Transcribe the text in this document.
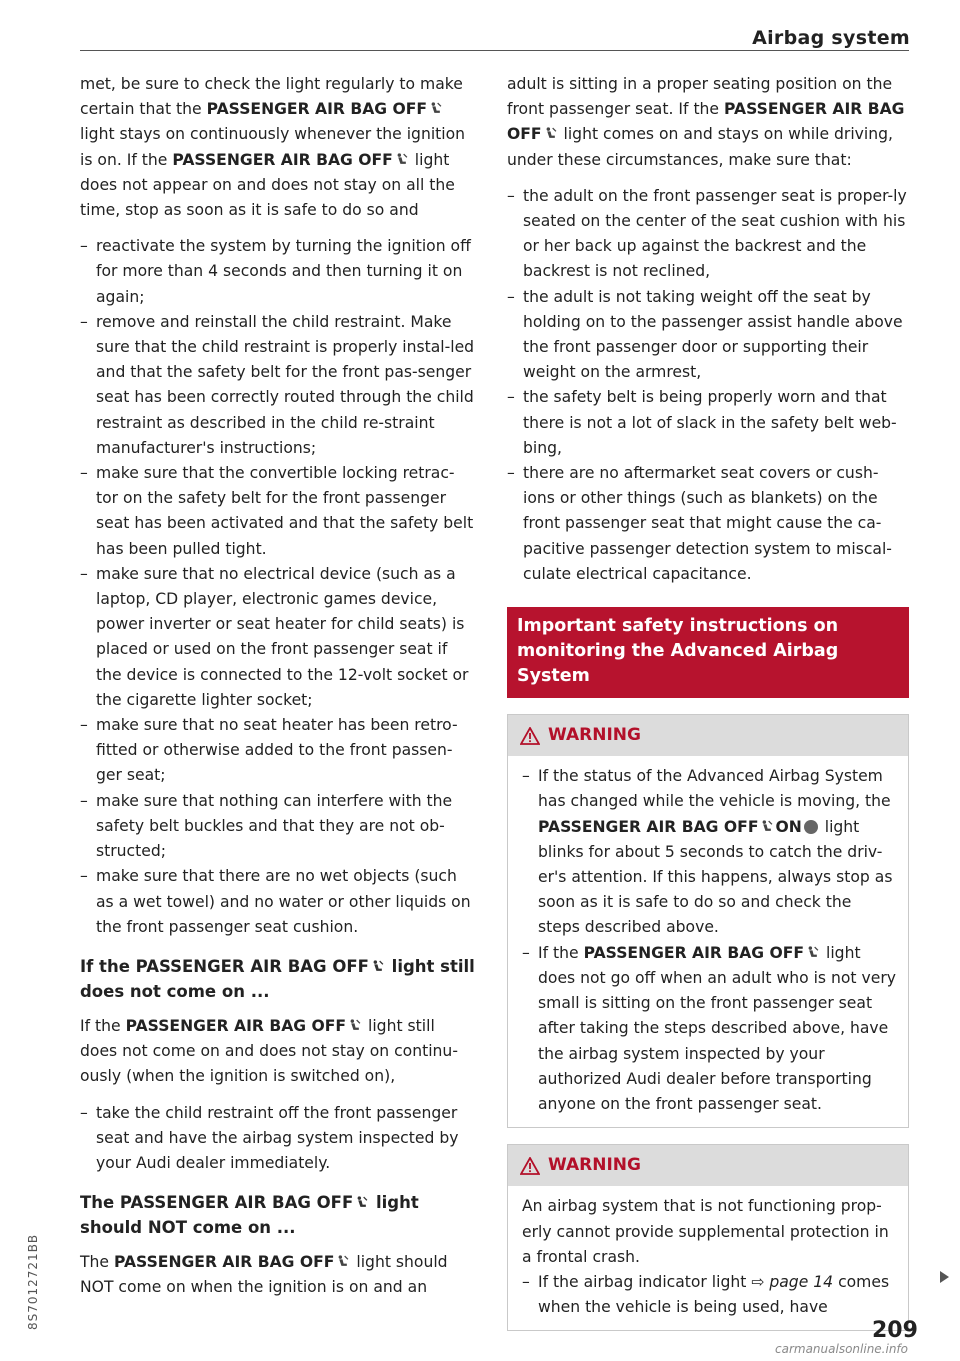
Airbag system

met, be sure to check the light regularly to make certain that the PASSENGER AIR BAG OFF light stays on continuously whenever the ignition is on. If the PASSENGER AIR BAG OFF light does not appear on and does not stay on all the time, stop as soon as it is safe to do so and

– reactivate the system by turning the ignition off for more than 4 seconds and then turning it on again;
– remove and reinstall the child restraint. Make sure that the child restraint is properly instal-led and that the safety belt for the front pas-senger seat has been correctly routed through the child restraint as described in the child re-straint manufacturer's instructions;
– make sure that the convertible locking retrac-tor on the safety belt for the front passenger seat has been activated and that the safety belt has been pulled tight.
– make sure that no electrical device (such as a laptop, CD player, electronic games device, power inverter or seat heater for child seats) is placed or used on the front passenger seat if the device is connected to the 12-volt socket or the cigarette lighter socket;
– make sure that no seat heater has been retro-fitted or otherwise added to the front passen-ger seat;
– make sure that nothing can interfere with the safety belt buckles and that they are not ob-structed;
– make sure that there are no wet objects (such as a wet towel) and no water or other liquids on the front passenger seat cushion.
If the PASSENGER AIR BAG OFF light still does not come on ...

If the PASSENGER AIR BAG OFF light still does not come on and does not stay on continu-ously (when the ignition is switched on),

– take the child restraint off the front passenger seat and have the airbag system inspected by your Audi dealer immediately.
The PASSENGER AIR BAG OFF light should NOT come on ...

The PASSENGER AIR BAG OFF light should NOT come on when the ignition is on and an

adult is sitting in a proper seating position on the front passenger seat. If the PASSENGER AIR BAG OFF light comes on and stays on while driving, under these circumstances, make sure that:

– the adult on the front passenger seat is proper-ly seated on the center of the seat cushion with his or her back up against the backrest and the backrest is not reclined,
– the adult is not taking weight off the seat by holding on to the passenger assist handle above the front passenger door or supporting their weight on the armrest,
– the safety belt is being properly worn and that there is not a lot of slack in the safety belt web-bing,
– there are no aftermarket seat covers or cush-ions or other things (such as blankets) on the front passenger seat that might cause the ca-pacitive passenger detection system to miscal-culate electrical capacitance.
Important safety instructions on monitoring the Advanced Airbag System
WARNING
– If the status of the Advanced Airbag System has changed while the vehicle is moving, the PASSENGER AIR BAG OFF ON light blinks for about 5 seconds to catch the driv-er's attention. If this happens, always stop as soon as it is safe to do so and check the steps described above.
– If the PASSENGER AIR BAG OFF light does not go off when an adult who is not very small is sitting on the front passenger seat after taking the steps described above, have the airbag system inspected by your authorized Audi dealer before transporting anyone on the front passenger seat.
WARNING

An airbag system that is not functioning prop-erly cannot provide supplemental protection in a frontal crash.

– If the airbag indicator light ⇨ page 14 comes when the vehicle is being used, have
209
8S7012721BB
carmanualsonline.info
